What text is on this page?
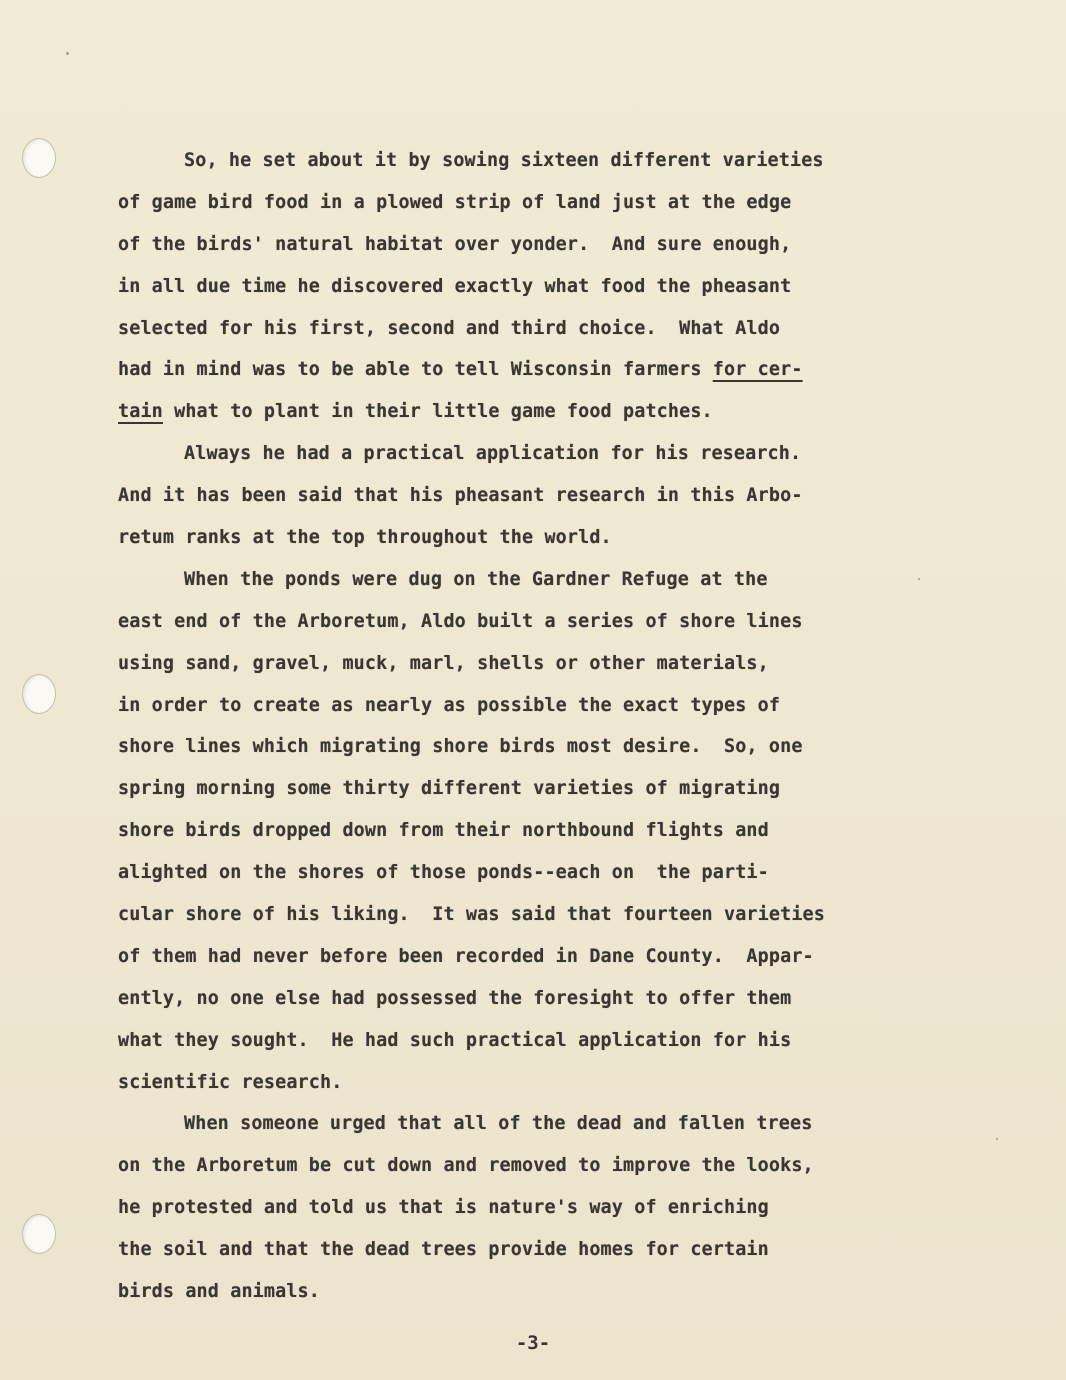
So, he set about it by sowing sixteen different varieties
of game bird food in a plowed strip of land just at the edge
of the birds' natural habitat over yonder.  And sure enough,
in all due time he discovered exactly what food the pheasant
selected for his first, second and third choice.  What Aldo
had in mind was to be able to tell Wisconsin farmers for cer-
tain what to plant in their little game food patches.
Always he had a practical application for his research.
And it has been said that his pheasant research in this Arbo-
retum ranks at the top throughout the world.
When the ponds were dug on the Gardner Refuge at the
east end of the Arboretum, Aldo built a series of shore lines
using sand, gravel, muck, marl, shells or other materials,
in order to create as nearly as possible the exact types of
shore lines which migrating shore birds most desire.  So, one
spring morning some thirty different varieties of migrating
shore birds dropped down from their northbound flights and
alighted on the shores of those ponds--each on  the parti-
cular shore of his liking.  It was said that fourteen varieties
of them had never before been recorded in Dane County.  Appar-
ently, no one else had possessed the foresight to offer them
what they sought.  He had such practical application for his
scientific research.
When someone urged that all of the dead and fallen trees
on the Arboretum be cut down and removed to improve the looks,
he protested and told us that is nature's way of enriching
the soil and that the dead trees provide homes for certain
birds and animals.
-3-
